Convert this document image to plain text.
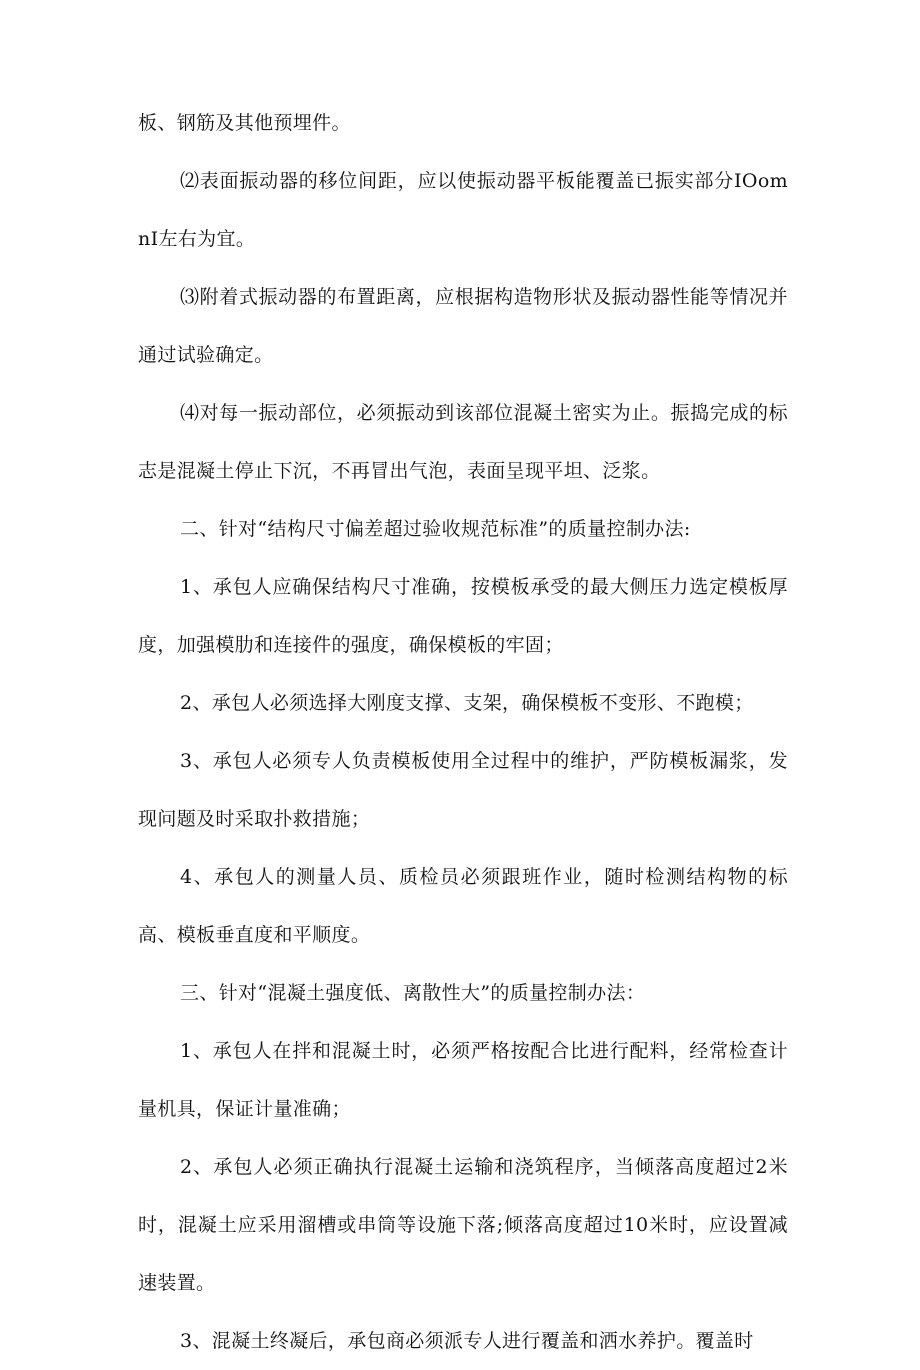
板、钢筋及其他预埋件。

⑵表面振动器的移位间距，应以使振动器平板能覆盖已振实部分IOomnI左右为宜。

⑶附着式振动器的布置距离，应根据构造物形状及振动器性能等情况并通过试验确定。

⑷对每一振动部位，必须振动到该部位混凝土密实为止。振捣完成的标志是混凝土停止下沉，不再冒出气泡，表面呈现平坦、泛浆。

二、针对“结构尺寸偏差超过验收规范标准”的质量控制办法:

1、承包人应确保结构尺寸准确，按模板承受的最大侧压力选定模板厚度，加强模肋和连接件的强度，确保模板的牢固；

2、承包人必须选择大刚度支撑、支架，确保模板不变形、不跑模；

3、承包人必须专人负责模板使用全过程中的维护，严防模板漏浆，发现问题及时采取扑救措施；

4、承包人的测量人员、质检员必须跟班作业，随时检测结构物的标高、模板垂直度和平顺度。

三、针对“混凝土强度低、离散性大”的质量控制办法：

1、承包人在拌和混凝土时，必须严格按配合比进行配料，经常检查计量机具，保证计量准确；

2、承包人必须正确执行混凝土运输和浇筑程序，当倾落高度超过2米时，混凝土应采用溜槽或串筒等设施下落;倾落高度超过10米时，应设置减速装置。

3、混凝土终凝后，承包商必须派专人进行覆盖和洒水养护。覆盖时
